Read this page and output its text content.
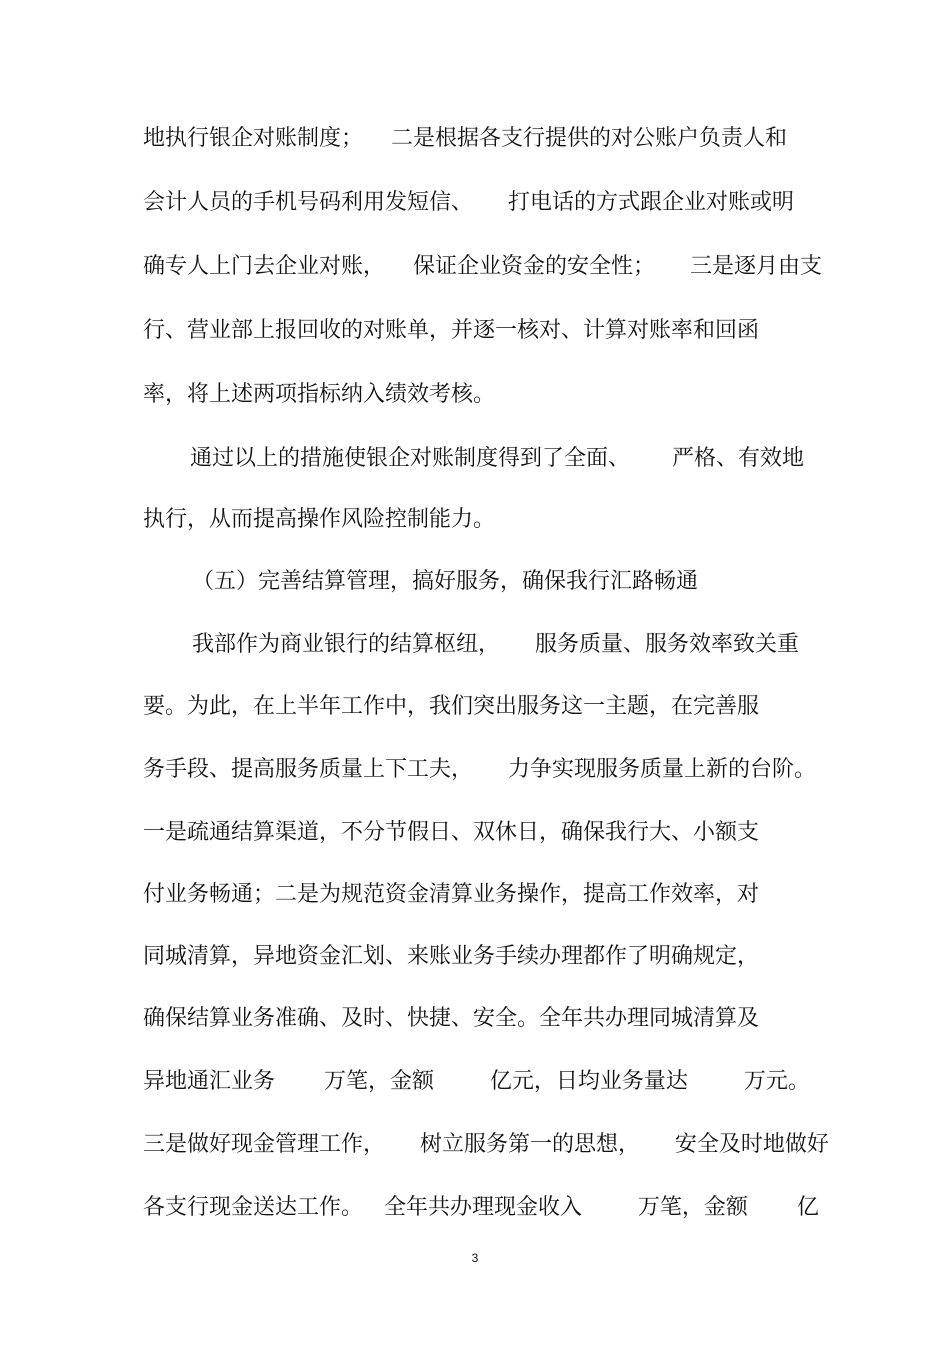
地执行银企对账制度；    二是根据各支行提供的对公账户负责人和
会计人员的手机号码利用发短信、     打电话的方式跟企业对账或明
确专人上门去企业对账，    保证企业资金的安全性；     三是逐月由支
行、营业部上报回收的对账单，并逐一核对、计算对账率和回函
率，将上述两项指标纳入绩效考核。
通过以上的措施使银企对账制度得到了全面、      严格、有效地
执行，从而提高操作风险控制能力。
（五）完善结算管理，搞好服务，确保我行汇路畅通
我部作为商业银行的结算枢纽，     服务质量、服务效率致关重
要。为此，在上半年工作中，我们突出服务这一主题，在完善服
务手段、提高服务质量上下工夫，     力争实现服务质量上新的台阶。
一是疏通结算渠道，不分节假日、双休日，确保我行大、小额支
付业务畅通；二是为规范资金清算业务操作，提高工作效率，对
同城清算，异地资金汇划、来账业务手续办理都作了明确规定，
确保结算业务准确、及时、快捷、安全。全年共办理同城清算及
异地通汇业务       万笔，金额        亿元，日均业务量达        万元。
三是做好现金管理工作，     树立服务第一的思想，     安全及时地做好
各支行现金送达工作。   全年共办理现金收入        万笔，金额       亿
3
